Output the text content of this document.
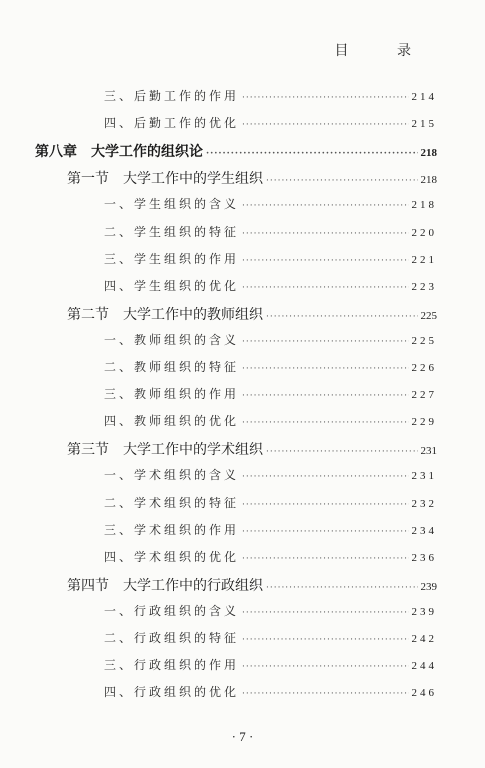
目 录
三、后勤工作的作用 ·····	214
四、后勤工作的优化 ·····	215
第八章　大学工作的组织论 ·····	218
第一节　大学工作中的学生组织 ·····	218
一、学生组织的含义 ·····	218
二、学生组织的特征 ·····	220
三、学生组织的作用 ·····	221
四、学生组织的优化 ·····	223
第二节　大学工作中的教师组织 ·····	225
一、教师组织的含义 ·····	225
二、教师组织的特征 ·····	226
三、教师组织的作用 ·····	227
四、教师组织的优化 ·····	229
第三节　大学工作中的学术组织 ·····	231
一、学术组织的含义 ·····	231
二、学术组织的特征 ·····	232
三、学术组织的作用 ·····	234
四、学术组织的优化 ·····	236
第四节　大学工作中的行政组织 ·····	239
一、行政组织的含义 ·····	239
二、行政组织的特征 ·····	242
三、行政组织的作用 ·····	244
四、行政组织的优化 ·····	246
· 7 ·
